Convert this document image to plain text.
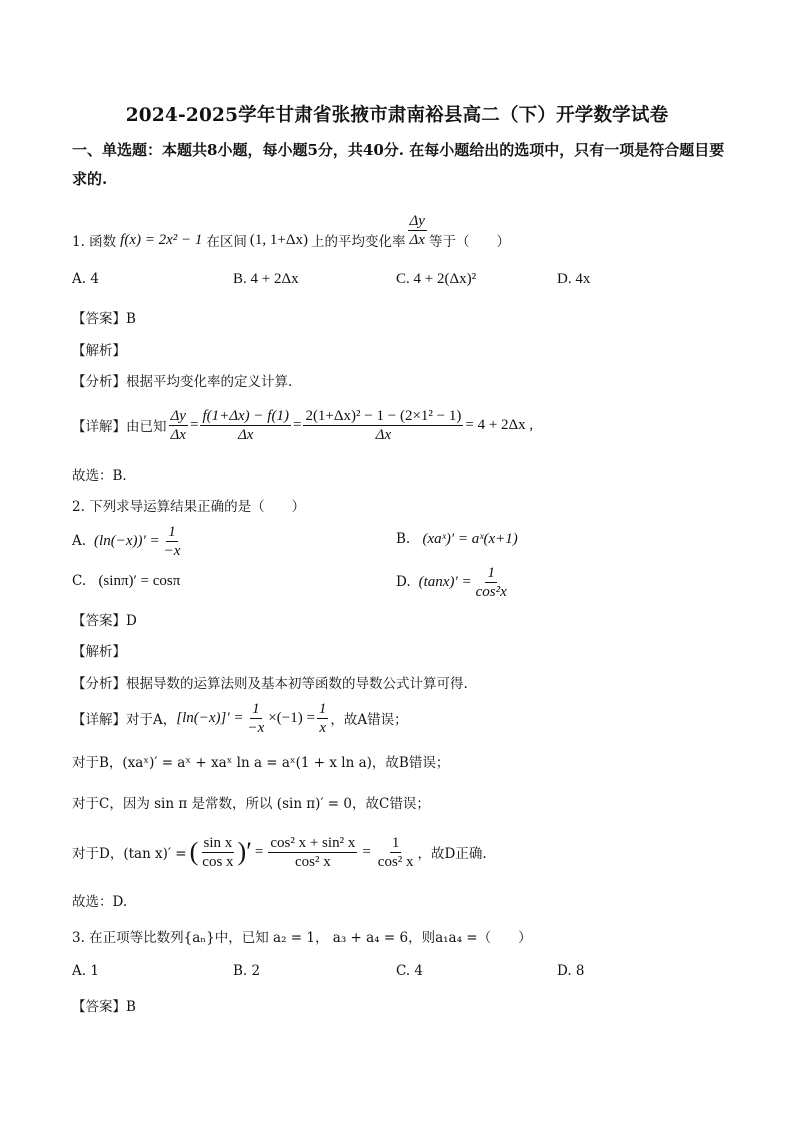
2024-2025学年甘肃省张掖市肃南裕县高二（下）开学数学试卷
一、单选题：本题共8小题，每小题5分，共40分. 在每小题给出的选项中，只有一项是符合题目要求的.
1. 函数 f(x) = 2x² − 1 在区间 (1, 1+Δx) 上的平均变化率 $\frac{\Delta y}{\Delta x}$ 等于（　　）
A. 4	B. 4 + 2Δx	C. 4 + 2(Δx)²	D. 4x
【答案】B
【解析】
【分析】根据平均变化率的定义计算.
【详解】由已知 $\frac{\Delta y}{\Delta x} = \frac{f(1+\Delta x) - f(1)}{\Delta x} = \frac{\text{2(1+Δx)² − 1 − (2×1² − 1)}}{\Delta x} = 4 + 2\Delta x$ ,
故选：B．
2. 下列求导运算结果正确的是（　　）
A. $(\ln(-x))' = \frac{1}{-x}$	B. (xaˣ)′ = aˣ(x+1)
C. (sinπ)′ = cosπ	D. $(\tan x)' = \frac{1}{\text{cos²x}}$
【答案】D
【解析】
【分析】根据导数的运算法则及基本初等函数的导数公式计算可得.
【详解】对于A， $[\ln(-x)]' = \frac{1}{-x} \times(-1) = \frac{1}{x}$ ，故A错误；
对于B，(xaˣ)′ = aˣ + xaˣ ln a = aˣ(1 + x ln a)，故B错误；
对于C，因为 sin π 是常数，所以 (sin π)′ = 0，故C错误；
对于D，(tan x)′ = ( $\frac{\text{sin x}}{\text{cos x}}$ )′ = $\frac{\text{cos² x + sin² x}}{\text{cos² x}} = \frac{1}{\text{cos² x}}$ ，故D正确.
故选：D.
3. 在正项等比数列{aₙ}中，已知 a₂ = 1， a₃ + a₄ = 6，则a₁a₄ =（　　）
A. 1	B. 2	C. 4	D. 8
【答案】B
